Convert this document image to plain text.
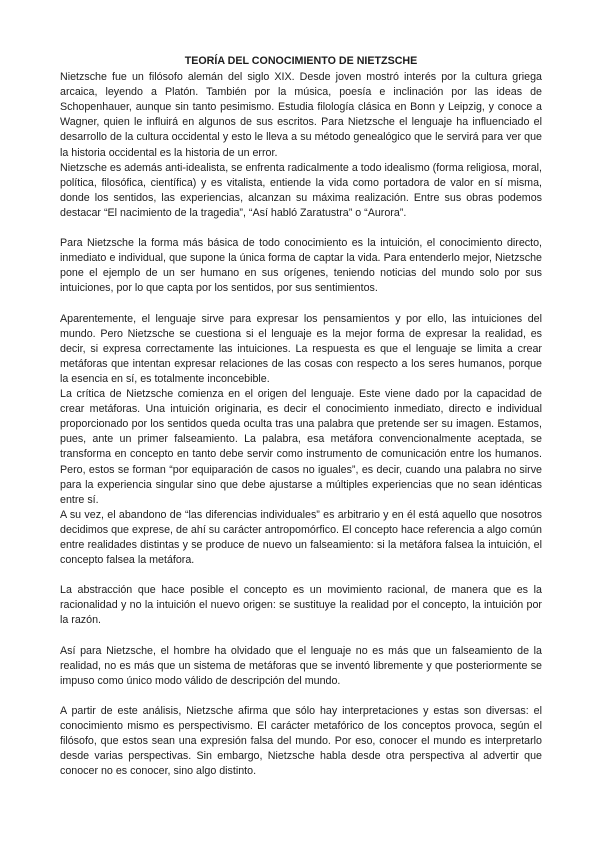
TEORÍA DEL CONOCIMIENTO DE NIETZSCHE

Nietzsche fue un filósofo alemán del siglo XIX. Desde joven mostró interés por la cultura griega arcaica, leyendo a Platón. También por la música, poesía e inclinación por las ideas de Schopenhauer, aunque sin tanto pesimismo. Estudia filología clásica en Bonn y Leipzig, y conoce a Wagner, quien le influirá en algunos de sus escritos. Para Nietzsche el lenguaje ha influenciado el desarrollo de la cultura occidental y esto le lleva a su método genealógico que le servirá para ver que la historia occidental es la historia de un error.

Nietzsche es además anti-idealista, se enfrenta radicalmente a todo idealismo (forma religiosa, moral, política, filosófica, científica) y es vitalista, entiende la vida como portadora de valor en sí misma, donde los sentidos, las experiencias, alcanzan su máxima realización. Entre sus obras podemos destacar “El nacimiento de la tragedia”, “Así habló Zaratustra” o “Aurora”.

Para Nietzsche la forma más básica de todo conocimiento es la intuición, el conocimiento directo, inmediato e individual, que supone la única forma de captar la vida. Para entenderlo mejor, Nietzsche pone el ejemplo de un ser humano en sus orígenes, teniendo noticias del mundo solo por sus intuiciones, por lo que capta por los sentidos, por sus sentimientos.

Aparentemente, el lenguaje sirve para expresar los pensamientos y por ello, las intuiciones del mundo. Pero Nietzsche se cuestiona si el lenguaje es la mejor forma de expresar la realidad, es decir, si expresa correctamente las intuiciones. La respuesta es que el lenguaje se limita a crear metáforas que intentan expresar relaciones de las cosas con respecto a los seres humanos, porque la esencia en sí, es totalmente inconcebible.

La crítica de Nietzsche comienza en el origen del lenguaje. Este viene dado por la capacidad de crear metáforas. Una intuición originaria, es decir el conocimiento inmediato, directo e individual proporcionado por los sentidos queda oculta tras una palabra que pretende ser su imagen. Estamos, pues, ante un primer falseamiento. La palabra, esa metáfora convencionalmente aceptada, se transforma en concepto en tanto debe servir como instrumento de comunicación entre los humanos. Pero, estos se forman “por equiparación de casos no iguales”, es decir, cuando una palabra no sirve para la experiencia singular sino que debe ajustarse a múltiples experiencias que no sean idénticas entre sí.

A su vez, el abandono de “las diferencias individuales” es arbitrario y en él está aquello que nosotros decidimos que exprese, de ahí su carácter antropomórfico. El concepto hace referencia a algo común entre realidades distintas y se produce de nuevo un falseamiento: si la metáfora falsea la intuición, el concepto falsea la metáfora.

La abstracción que hace posible el concepto es un movimiento racional, de manera que es la racionalidad y no la intuición el nuevo origen: se sustituye la realidad por el concepto, la intuición por la razón.

Así para Nietzsche, el hombre ha olvidado que el lenguaje no es más que un falseamiento de la realidad, no es más que un sistema de metáforas que se inventó libremente y que posteriormente se impuso como único modo válido de descripción del mundo.

A partir de este análisis, Nietzsche afirma que sólo hay interpretaciones y estas son diversas: el conocimiento mismo es perspectivismo. El carácter metafórico de los conceptos provoca, según el filósofo, que estos sean una expresión falsa del mundo. Por eso, conocer el mundo es interpretarlo desde varias perspectivas. Sin embargo, Nietzsche habla desde otra perspectiva al advertir que conocer no es conocer, sino algo distinto.
